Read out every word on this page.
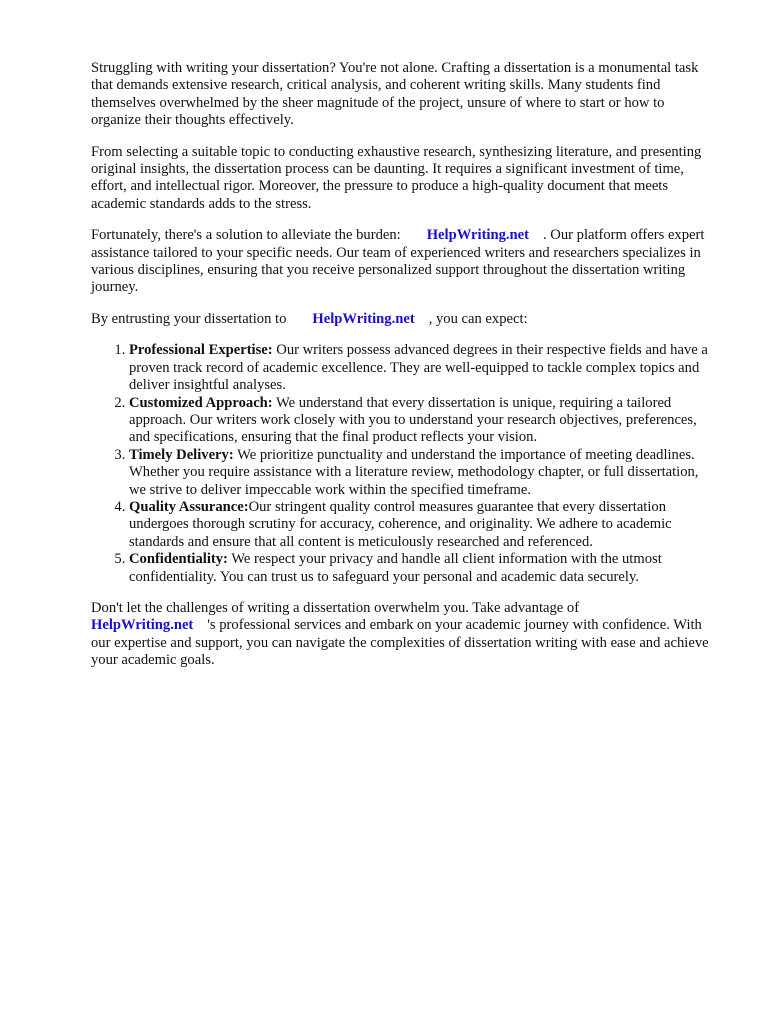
Struggling with writing your dissertation? You're not alone. Crafting a dissertation is a monumental task that demands extensive research, critical analysis, and coherent writing skills. Many students find themselves overwhelmed by the sheer magnitude of the project, unsure of where to start or how to organize their thoughts effectively.

From selecting a suitable topic to conducting exhaustive research, synthesizing literature, and presenting original insights, the dissertation process can be daunting. It requires a significant investment of time, effort, and intellectual rigor. Moreover, the pressure to produce a high-quality document that meets academic standards adds to the stress.

Fortunately, there's a solution to alleviate the burden: HelpWriting.net . Our platform offers expert assistance tailored to your specific needs. Our team of experienced writers and researchers specializes in various disciplines, ensuring that you receive personalized support throughout the dissertation writing journey.

By entrusting your dissertation to HelpWriting.net , you can expect:

1. Professional Expertise: Our writers possess advanced degrees in their respective fields and have a proven track record of academic excellence. They are well-equipped to tackle complex topics and deliver insightful analyses.
2. Customized Approach: We understand that every dissertation is unique, requiring a tailored approach. Our writers work closely with you to understand your research objectives, preferences, and specifications, ensuring that the final product reflects your vision.
3. Timely Delivery: We prioritize punctuality and understand the importance of meeting deadlines. Whether you require assistance with a literature review, methodology chapter, or full dissertation, we strive to deliver impeccable work within the specified timeframe.
4. Quality Assurance:Our stringent quality control measures guarantee that every dissertation undergoes thorough scrutiny for accuracy, coherence, and originality. We adhere to academic standards and ensure that all content is meticulously researched and referenced.
5. Confidentiality: We respect your privacy and handle all client information with the utmost confidentiality. You can trust us to safeguard your personal and academic data securely.

Don't let the challenges of writing a dissertation overwhelm you. Take advantage of
HelpWriting.net 's professional services and embark on your academic journey with confidence. With our expertise and support, you can navigate the complexities of dissertation writing with ease and achieve your academic goals.
